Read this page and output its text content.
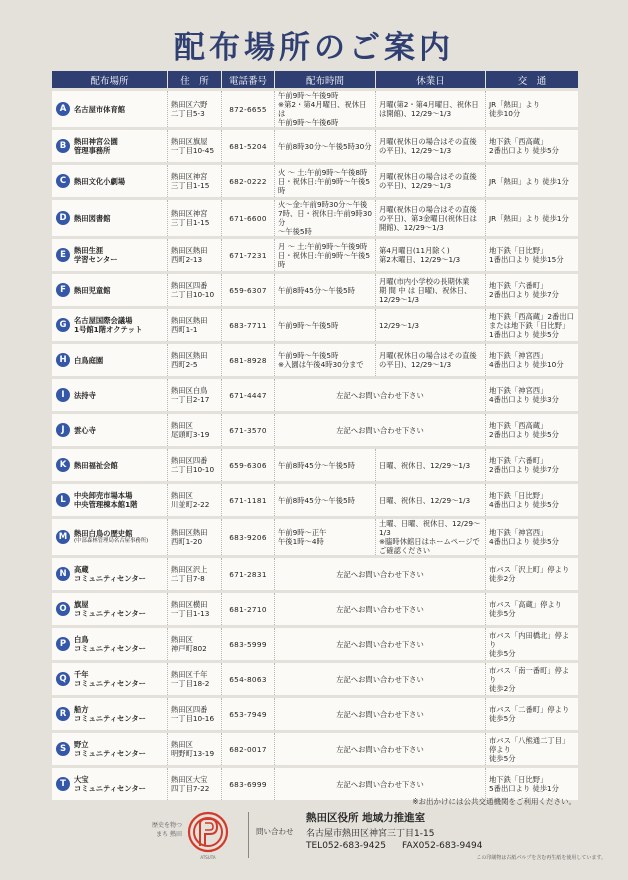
配布場所のご案内
配布場所	住　所	電話番号	配布時間	休業日	交　通

A 名古屋市体育館	熱田区六野
二丁目5-3	872-6655	午前9時～午後9時
※第2・第4月曜日、祝休日は
午前9時～午後6時	月曜(第2・第4月曜日、祝休日
は開館)、12/29～1/3	JR「熱田」より
徒歩10分

B 熱田神宮公園
管理事務所	熱田区旗屋
一丁目10-45	681-5204	午前8時30分～午後5時30分	月曜(祝休日の場合はその直後
の平日)、12/29～1/3	地下鉄「西高蔵」
2番出口より 徒歩5分

C 熱田文化小劇場	熱田区神宮
三丁目1-15	682-0222	火 ～ 土:午前9時～午後8時
日・祝休日:午前9時～午後5時	月曜(祝休日の場合はその直後
の平日)、12/29～1/3	JR「熱田」より 徒歩1分

D 熱田図書館	熱田区神宮
三丁目1-15	671-6600	火～金:午前9時30分～午後
7時、日・祝休日:午前9時30分
～午後5時	月曜(祝休日の場合はその直後
の平日)、第3金曜日(祝休日は
開館)、12/29～1/3	JR「熱田」より 徒歩1分

E 熱田生涯
学習センター	熱田区熱田
西町2-13	671-7231	月 ～ 土:午前9時～午後9時
日・祝休日:午前9時～午後5時	第4月曜日(11月除く)
第2木曜日、12/29～1/3	地下鉄「日比野」
1番出口より 徒歩15分

F 熱田児童館	熱田区四番
二丁目10-10	659-6307	午前8時45分～午後5時	月曜(市内小学校の長期休業
期 間 中 は 日曜)、祝休日、
12/29～1/3	地下鉄「六番町」
2番出口より 徒歩7分

G 名古屋国際会議場
1号館1階オクテット	熱田区熱田
西町1-1	683-7711	午前9時～午後5時	12/29～1/3	地下鉄「西高蔵」2番出口
または地下鉄「日比野」
1番出口より 徒歩5分

H 白鳥庭園	熱田区熱田
西町2-5	681-8928	午前9時～午後5時
※入園は午後4時30分まで	月曜(祝休日の場合はその直後
の平日)、12/29～1/3	地下鉄「神宮西」
4番出口より 徒歩10分

I 法持寺	熱田区白鳥
一丁目2-17	671-4447	左記へお問い合わせ下さい		地下鉄「神宮西」
4番出口より 徒歩3分

J 雲心寺	熱田区
尾頭町3-19	671-3570	左記へお問い合わせ下さい		地下鉄「西高蔵」
2番出口より 徒歩5分

K 熱田福祉会館	熱田区四番
二丁目10-10	659-6306	午前8時45分～午後5時	日曜、祝休日、12/29～1/3	地下鉄「六番町」
2番出口より 徒歩7分

L 中央卸売市場本場
中央管理棟本館1階	熱田区
川並町2-22	671-1181	午前8時45分～午後5時	日曜、祝休日、12/29～1/3	地下鉄「日比野」
4番出口より 徒歩5分

M 熱田白鳥の歴史館
(中部森林管理局名古屋事務所)	熱田区熱田
西町1-20	683-9206	午前9時～正午
午後1時～4時	土曜、日曜、祝休日、12/29～1/3
※臨時休館日はホームページで
ご確認ください	地下鉄「神宮西」
4番出口より 徒歩5分

N 高蔵
コミュニティセンター	熱田区沢上
二丁目7-8	671-2831	左記へお問い合わせ下さい		市バス「沢上町」停より
徒歩2分

O 旗屋
コミュニティセンター	熱田区横田
一丁目1-13	681-2710	左記へお問い合わせ下さい		市バス「高蔵」停より
徒歩5分

P 白鳥
コミュニティセンター	熱田区
神戸町802	683-5999	左記へお問い合わせ下さい		市バス「内田橋北」停より
徒歩5分

Q 千年
コミュニティセンター	熱田区千年
一丁目18-2	654-8063	左記へお問い合わせ下さい		市バス「南一番町」停より
徒歩2分

R 船方
コミュニティセンター	熱田区四番
一丁目10-16	653-7949	左記へお問い合わせ下さい		市バス「二番町」停より
徒歩5分

S 野立
コミュニティセンター	熱田区
明野町13-19	682-0017	左記へお問い合わせ下さい		市バス「八熊通二丁目」停より
徒歩5分

T 大宝
コミュニティセンター	熱田区大宝
四丁目7-22	683-6999	左記へお問い合わせ下さい		地下鉄「日比野」
5番出口より 徒歩1分
※お出かけには公共交通機関をご利用ください。
歴史を物つまち 熱田
ATSUTA
問い合わせ
熱田区役所 地域力推進室
名古屋市熱田区神宮三丁目1-15
TEL052-683-9425 FAX052-683-9494
この印刷物は古紙パルプを含む再生紙を使用しています。
